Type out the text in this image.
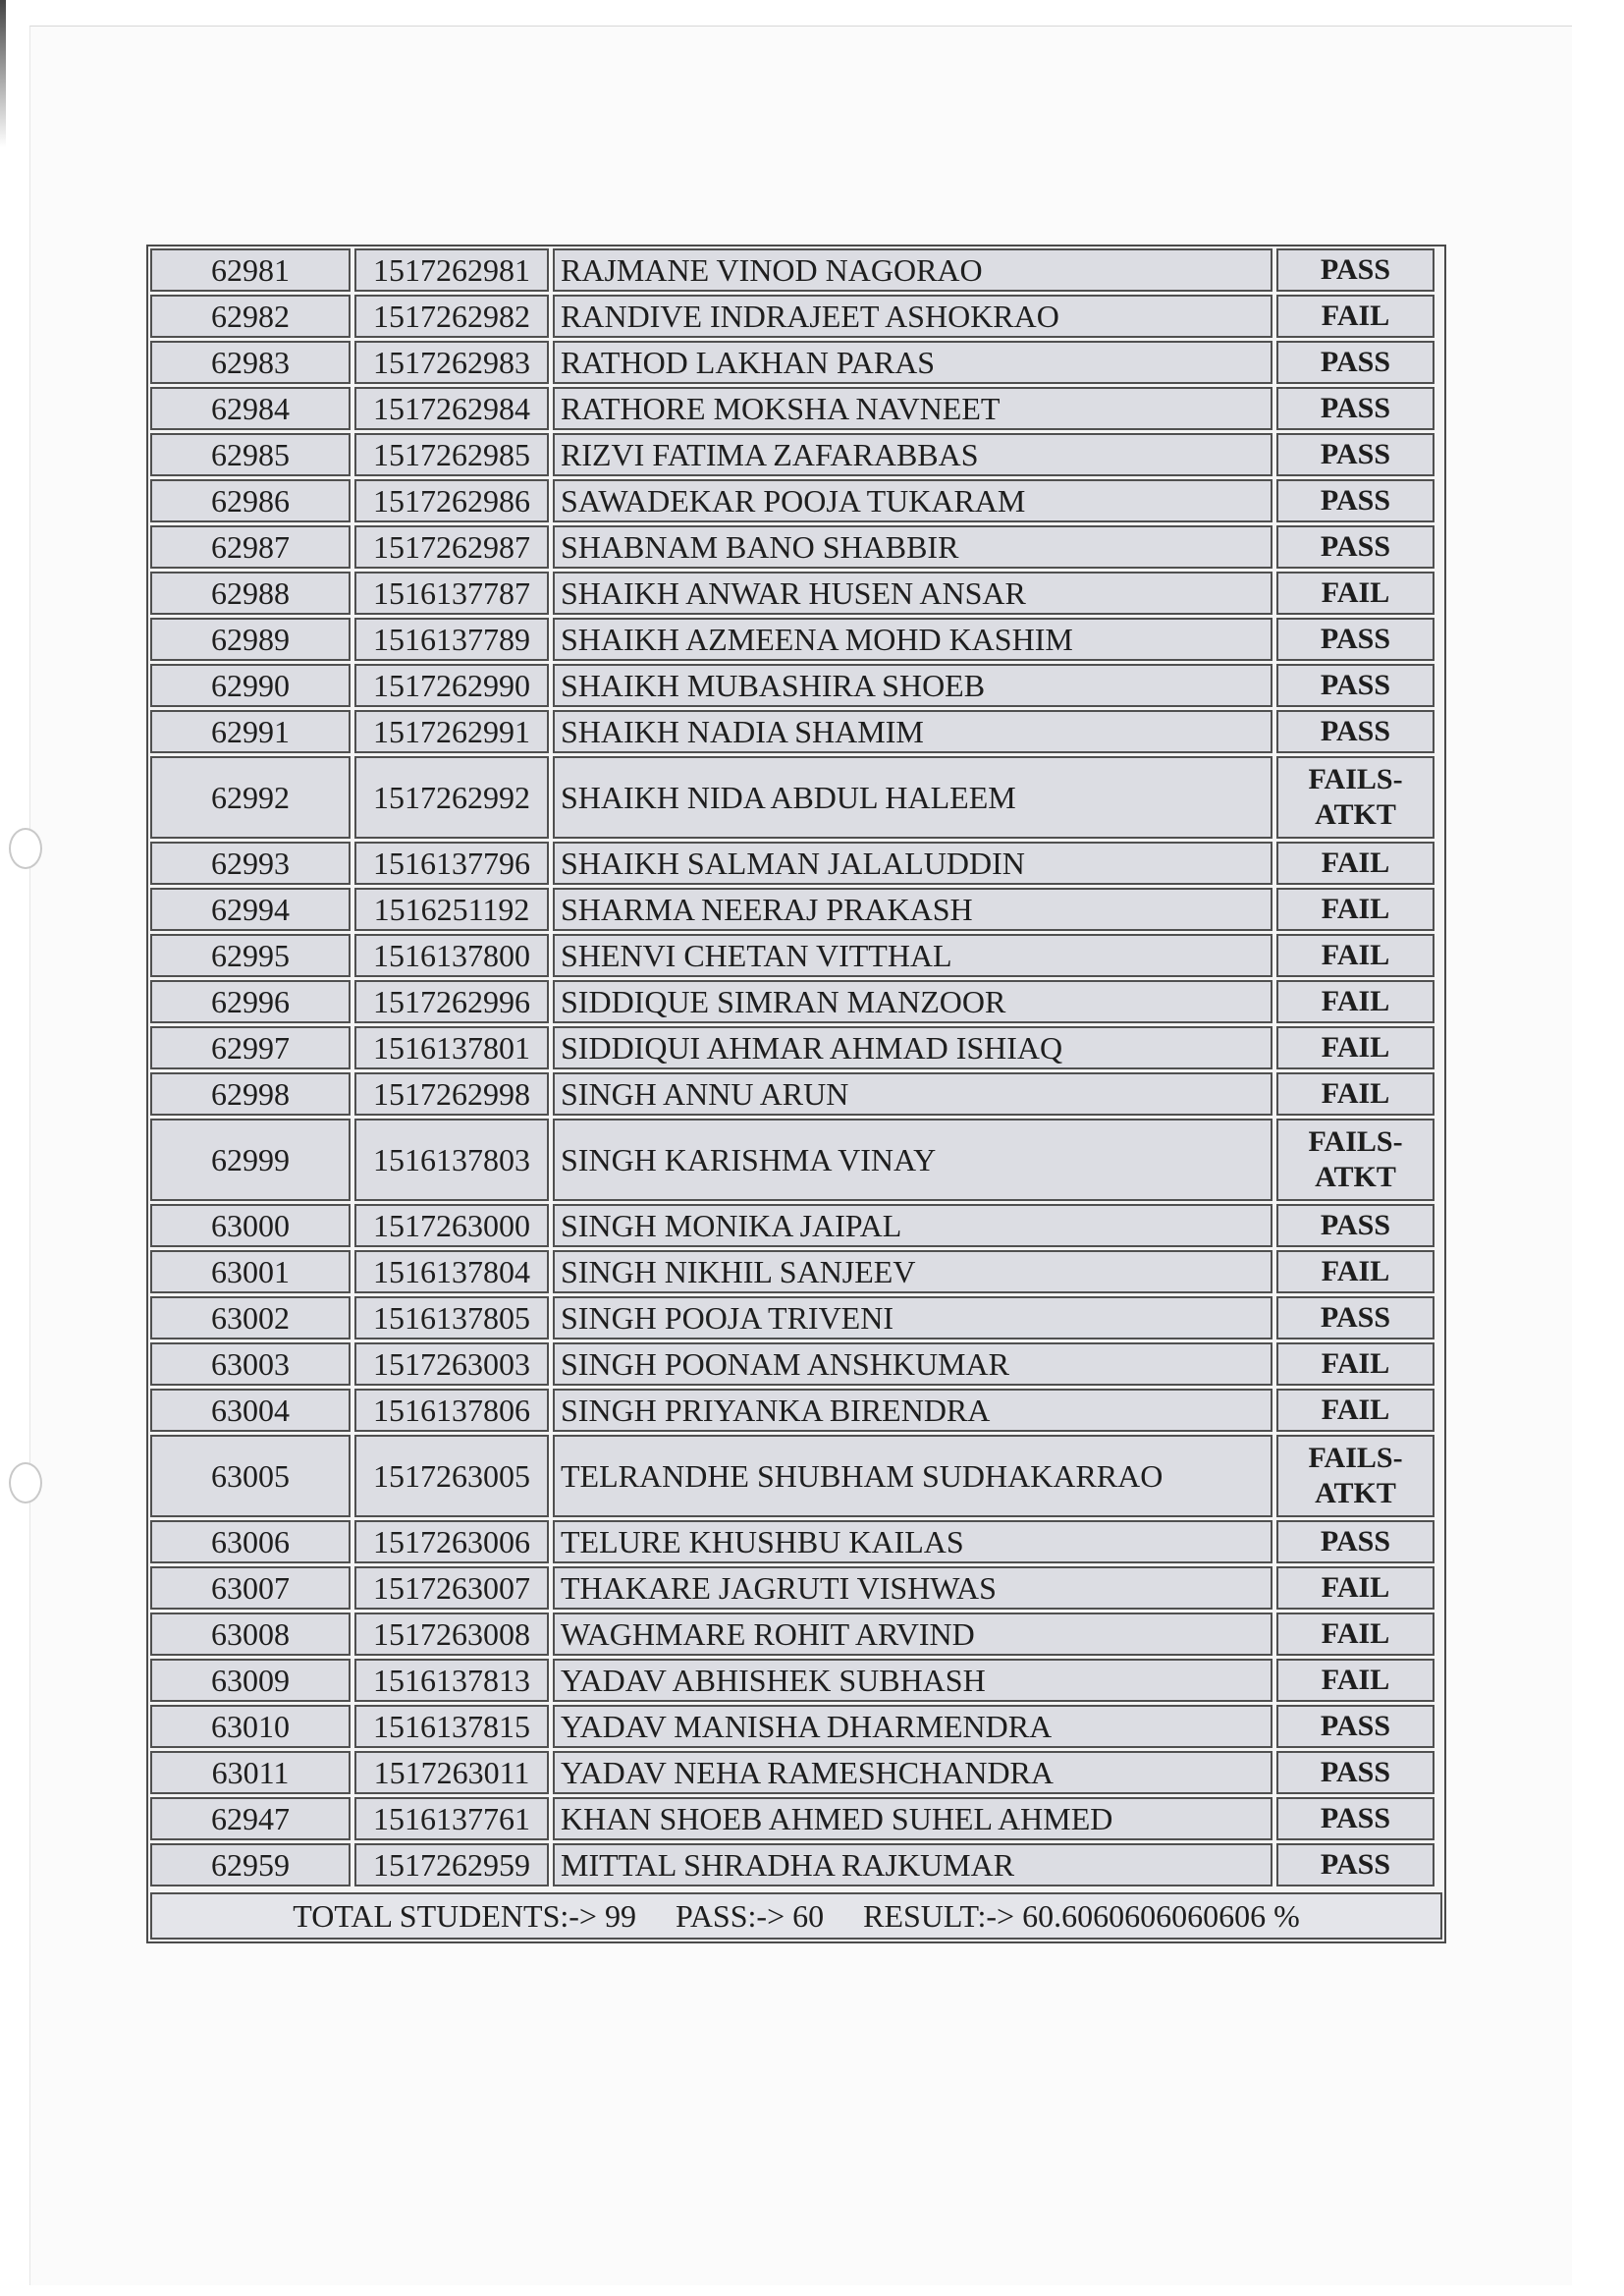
62981	1517262981 RAJMANE VINOD NAGORAO	PASS
62982	1517262982 RANDIVE INDRAJEET ASHOKRAO	FAIL
62983	1517262983 RATHOD LAKHAN PARAS	PASS
62984	1517262984 RATHORE MOKSHA NAVNEET	PASS
62985	1517262985 RIZVI FATIMA ZAFARABBAS	PASS
62986	1517262986 SAWADEKAR POOJA TUKARAM	PASS
62987	1517262987 SHABNAM BANO SHABBIR	PASS
62988	1516137787 SHAIKH ANWAR HUSEN ANSAR	FAIL
62989	1516137789 SHAIKH AZMEENA MOHD KASHIM	PASS
62990	1517262990 SHAIKH MUBASHIRA SHOEB	PASS
62991	1517262991 SHAIKH NADIA SHAMIM	PASS
62992	1517262992 SHAIKH NIDA ABDUL HALEEM	FAILS-ATKT
62993	1516137796 SHAIKH SALMAN JALALUDDIN	FAIL
62994	1516251192 SHARMA NEERAJ PRAKASH	FAIL
62995	1516137800 SHENVI CHETAN VITTHAL	FAIL
62996	1517262996 SIDDIQUE SIMRAN MANZOOR	FAIL
62997	1516137801 SIDDIQUI AHMAR AHMAD ISHIAQ	FAIL
62998	1517262998 SINGH ANNU ARUN	FAIL
62999	1516137803 SINGH KARISHMA VINAY	FAILS-ATKT
63000	1517263000 SINGH MONIKA JAIPAL	PASS
63001	1516137804 SINGH NIKHIL SANJEEV	FAIL
63002	1516137805 SINGH POOJA TRIVENI	PASS
63003	1517263003 SINGH POONAM ANSHKUMAR	FAIL
63004	1516137806 SINGH PRIYANKA BIRENDRA	FAIL
63005	1517263005 TELRANDHE SHUBHAM SUDHAKARRAO	FAILS-ATKT
63006	1517263006 TELURE KHUSHBU KAILAS	PASS
63007	1517263007 THAKARE JAGRUTI VISHWAS	FAIL
63008	1517263008 WAGHMARE ROHIT ARVIND	FAIL
63009	1516137813 YADAV ABHISHEK SUBHASH	FAIL
63010	1516137815 YADAV MANISHA DHARMENDRA	PASS
63011	1517263011 YADAV NEHA RAMESHCHANDRA	PASS
62947	1516137761 KHAN SHOEB AHMED SUHEL AHMED	PASS
62959	1517262959 MITTAL SHRADHA RAJKUMAR	PASS
TOTAL STUDENTS:->
99
PASS:->
60
RESULT:->
60.6060606060606 %
